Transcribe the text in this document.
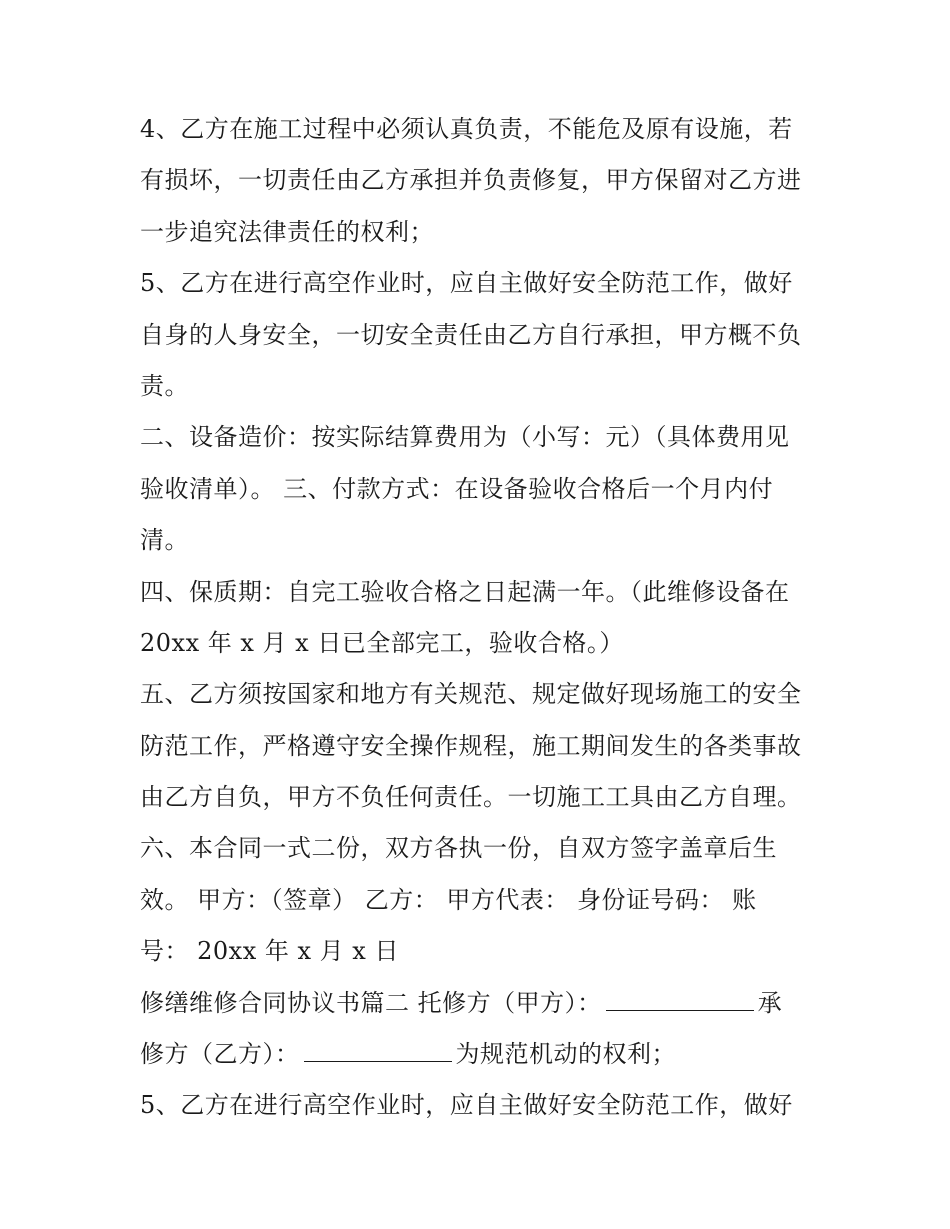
4、乙方在施工过程中必须认真负责，不能危及原有设施，若
有损坏，一切责任由乙方承担并负责修复，甲方保留对乙方进
一步追究法律责任的权利；
5、乙方在进行高空作业时，应自主做好安全防范工作，做好
自身的人身安全，一切安全责任由乙方自行承担，甲方概不负
责。
二、设备造价：按实际结算费用为（小写：元）（具体费用见
验收清单）。 三、付款方式：在设备验收合格后一个月内付
清。
四、保质期：自完工验收合格之日起满一年。（此维修设备在
20xx 年 x 月 x 日已全部完工，验收合格。）
五、乙方须按国家和地方有关规范、规定做好现场施工的安全
防范工作，严格遵守安全操作规程，施工期间发生的各类事故
由乙方自负，甲方不负任何责任。一切施工工具由乙方自理。
六、本合同一式二份，双方各执一份，自双方签字盖章后生
效。 甲方：（签章） 乙方： 甲方代表： 身份证号码： 账
号： 20xx 年 x 月 x 日
修缮维修合同协议书篇二 托修方（甲方）：	承
修方（乙方）：	为规范机动的权利；
5、乙方在进行高空作业时，应自主做好安全防范工作，做好
